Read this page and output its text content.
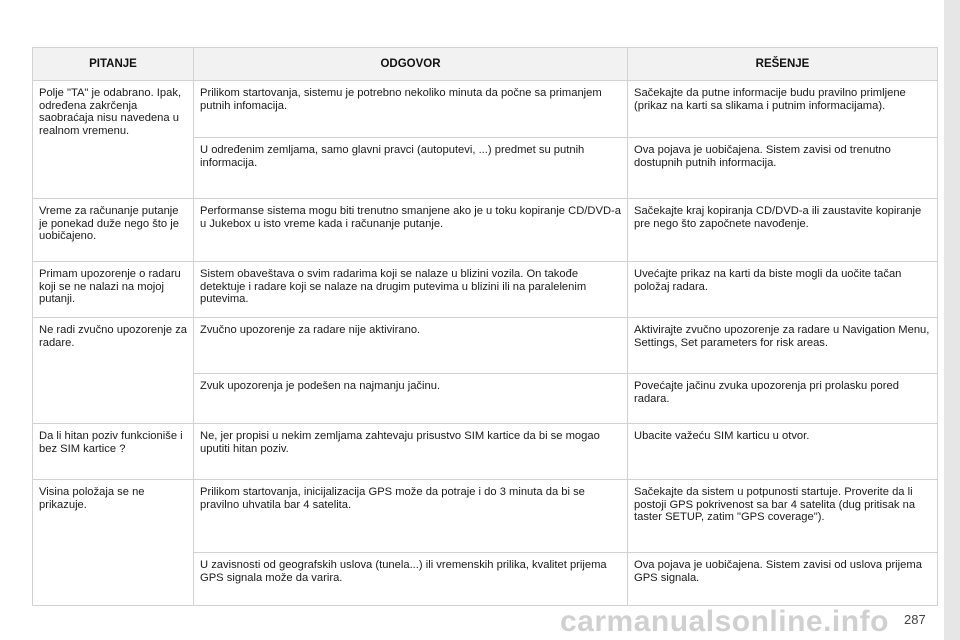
PITANJE	ODGOVOR	REŠENJE

Polje "TA" je odabrano. Ipak, određena zakrčenja saobraćaja nisu navedena u realnom vremenu.	Prilikom startovanja, sistemu je potrebno nekoliko minuta da počne sa primanjem putnih infomacija.	Sačekajte da putne informacije budu pravilno primljene (prikaz na karti sa slikama i putnim informacijama).

	U određenim zemljama, samo glavni pravci (autoputevi, ...) predmet su putnih informacija.	Ova pojava je uobičajena. Sistem zavisi od trenutno dostupnih putnih informacija.

Vreme za računanje putanje je ponekad duže nego što je uobičajeno.	Performanse sistema mogu biti trenutno smanjene ako je u toku kopiranje CD/DVD-a u Jukebox u isto vreme kada i računanje putanje.	Sačekajte kraj kopiranja CD/DVD-a ili zaustavite kopiranje pre nego što započnete navođenje.

Primam upozorenje o radaru koji se ne nalazi na mojoj putanji.	Sistem obaveštava o svim radarima koji se nalaze u blizini vozila. On takođe detektuje i radare koji se nalaze na drugim putevima u blizini ili na paralelenim putevima.	Uvećajte prikaz na karti da biste mogli da uočite tačan položaj radara.

Ne radi zvučno upozorenje za radare.	Zvučno upozorenje za radare nije aktivirano.	Aktivirajte zvučno upozorenje za radare u Navigation Menu, Settings, Set parameters for risk areas.

	Zvuk upozorenja je podešen na najmanju jačinu.	Povećajte jačinu zvuka upozorenja pri prolasku pored radara.

Da li hitan poziv funkcioniše i bez SIM kartice ?	Ne, jer propisi u nekim zemljama zahtevaju prisustvo SIM kartice da bi se mogao uputiti hitan poziv.	Ubacite važeću SIM karticu u otvor.

Visina položaja se ne prikazuje.	Prilikom startovanja, inicijalizacija GPS može da potraje i do 3 minuta da bi se pravilno uhvatila bar 4 satelita.	Sačekajte da sistem u potpunosti startuje. Proverite da li postoji GPS pokrivenost sa bar 4 satelita (dug pritisak na taster SETUP, zatim "GPS coverage").

	U zavisnosti od geografskih uslova (tunela...) ili vremenskih prilika, kvalitet prijema GPS signala može da varira.	Ova pojava je uobičajena. Sistem zavisi od uslova prijema GPS signala.
carmanualsonline.info 287
